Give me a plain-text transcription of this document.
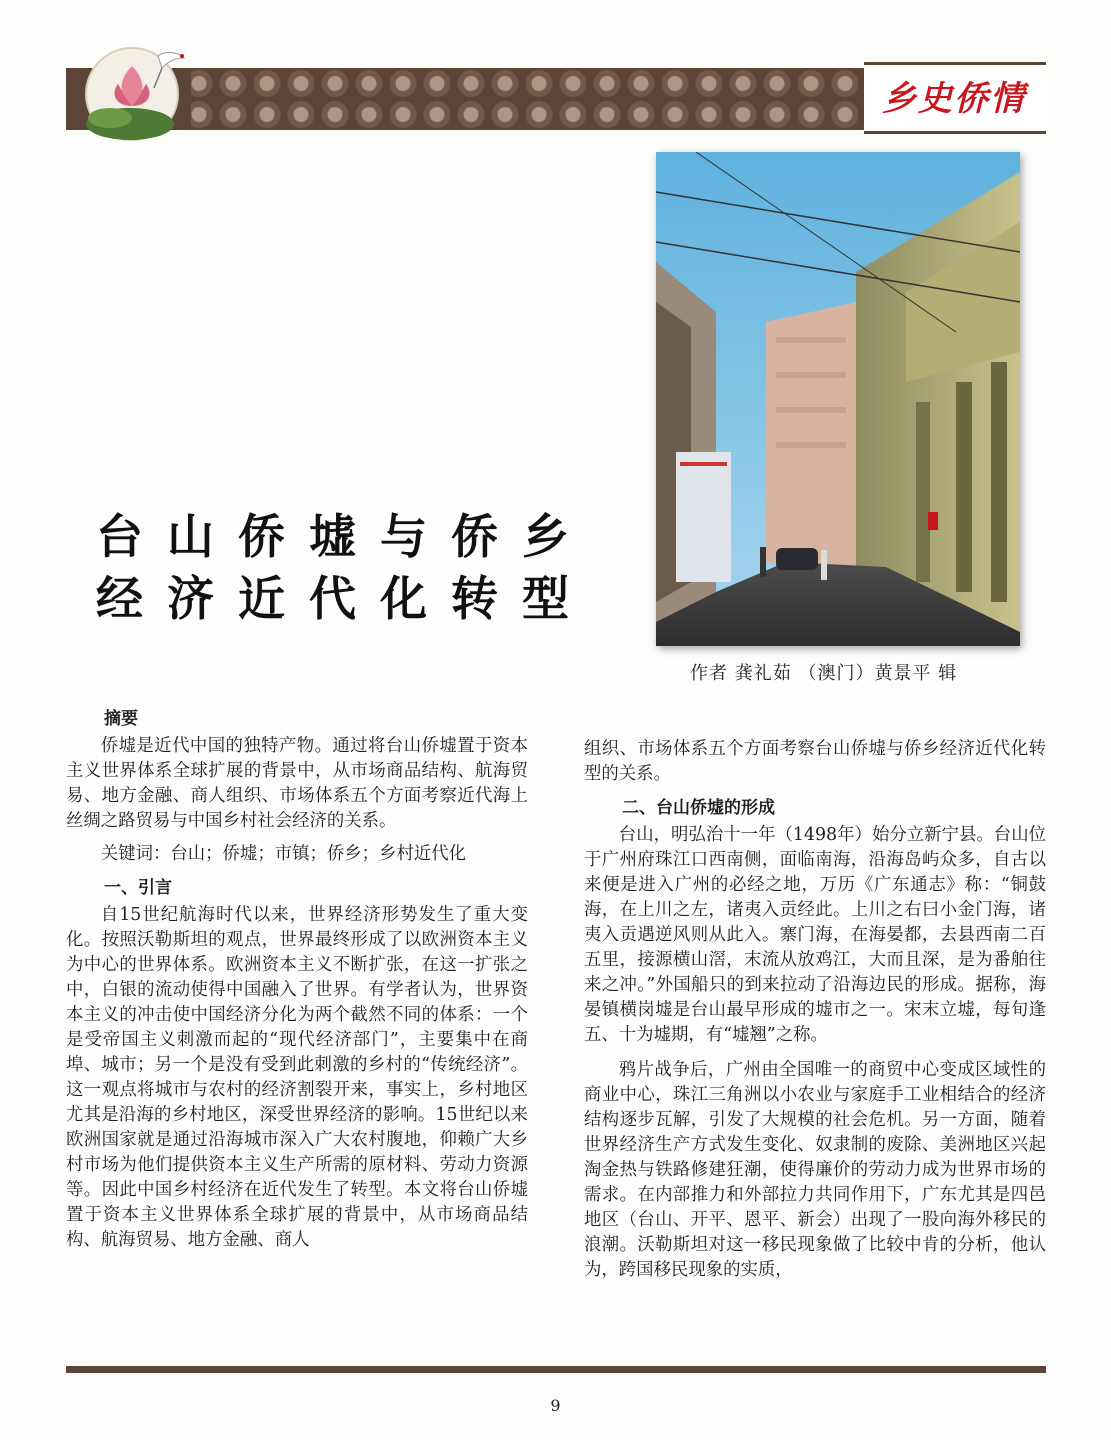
乡史侨情
台山侨墟与侨乡
经济近代化转型
作者 龚礼茹 （澳门）黄景平 辑
摘要

侨墟是近代中国的独特产物。通过将台山侨墟置于资本主义世界体系全球扩展的背景中，从市场商品结构、航海贸易、地方金融、商人组织、市场体系五个方面考察近代海上丝绸之路贸易与中国乡村社会经济的关系。

关键词：台山；侨墟；市镇；侨乡；乡村近代化

一、引言

自15世纪航海时代以来，世界经济形势发生了重大变化。按照沃勒斯坦的观点，世界最终形成了以欧洲资本主义为中心的世界体系。欧洲资本主义不断扩张，在这一扩张之中，白银的流动使得中国融入了世界。有学者认为，世界资本主义的冲击使中国经济分化为两个截然不同的体系：一个是受帝国主义刺激而起的“现代经济部门”，主要集中在商埠、城市；另一个是没有受到此刺激的乡村的“传统经济”。这一观点将城市与农村的经济割裂开来，事实上，乡村地区尤其是沿海的乡村地区，深受世界经济的影响。15世纪以来欧洲国家就是通过沿海城市深入广大农村腹地，仰赖广大乡村市场为他们提供资本主义生产所需的原材料、劳动力资源等。因此中国乡村经济在近代发生了转型。本文将台山侨墟置于资本主义世界体系全球扩展的背景中，从市场商品结构、航海贸易、地方金融、商人

组织、市场体系五个方面考察台山侨墟与侨乡经济近代化转型的关系。

二、台山侨墟的形成

台山，明弘治十一年（1498年）始分立新宁县。台山位于广州府珠江口西南侧，面临南海，沿海岛屿众多，自古以来便是进入广州的必经之地，万历《广东通志》称：“铜鼓海，在上川之左，诸夷入贡经此。上川之右曰小金门海，诸夷入贡遇逆风则从此入。寨门海，在海晏都，去县西南二百五里，接源横山滘，末流从放鸡江，大而且深，是为番舶往来之冲。”外国船只的到来拉动了沿海边民的形成。据称，海晏镇横岗墟是台山最早形成的墟市之一。宋末立墟，每旬逢五、十为墟期，有“墟翘”之称。

鸦片战争后，广州由全国唯一的商贸中心变成区域性的商业中心，珠江三角洲以小农业与家庭手工业相结合的经济结构逐步瓦解，引发了大规模的社会危机。另一方面，随着世界经济生产方式发生变化、奴隶制的废除、美洲地区兴起淘金热与铁路修建狂潮，使得廉价的劳动力成为世界市场的需求。在内部推力和外部拉力共同作用下，广东尤其是四邑地区（台山、开平、恩平、新会）出现了一股向海外移民的浪潮。沃勒斯坦对这一移民现象做了比较中肯的分析，他认为，跨国移民现象的实质，

9
